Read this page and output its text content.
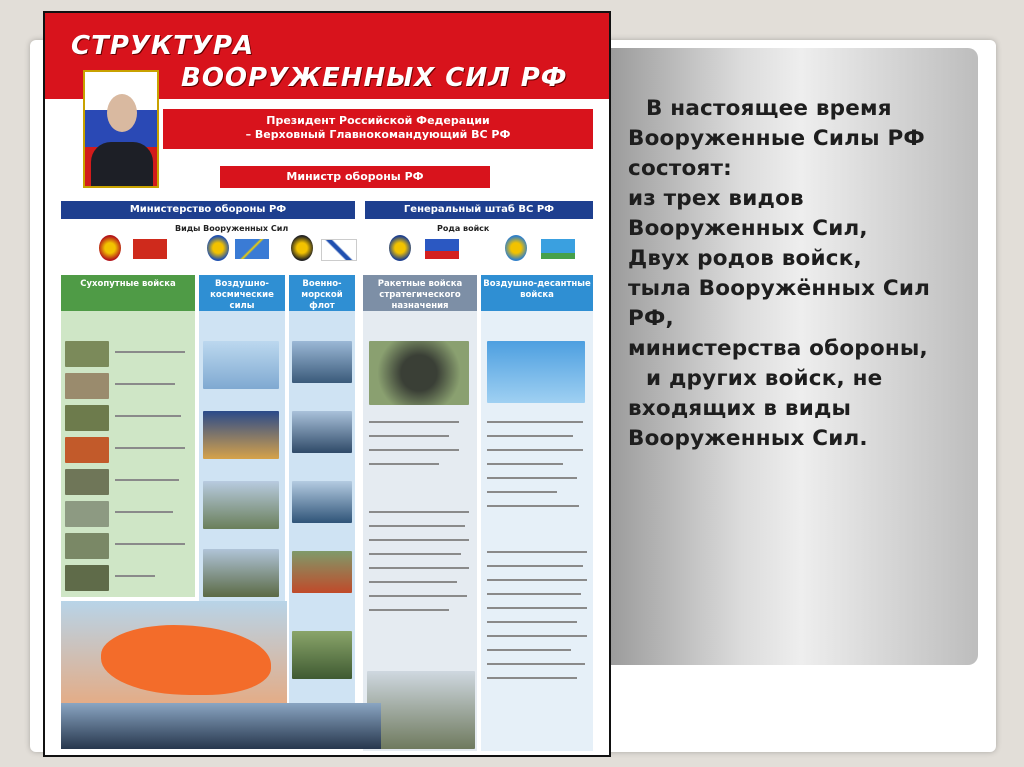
СТРУКТУРА
ВООРУЖЕННЫХ СИЛ РФ
Президент Российской Федерации
– Верховный Главнокомандующий ВС РФ
Министр обороны РФ
Министерство обороны РФ	Генеральный штаб ВС РФ
Виды Вооруженных Сил	Рода войск
Сухопутные войска	Воздушно-космические силы
Военно-морской флот
Ракетные войска стратегического назначения
Воздушно-десантные войска
В настоящее время
Вооруженные Силы РФ
состоят:
из трех видов
Вооруженных Сил,
Двух родов войск,
тыла Вооружённых Сил
РФ,
министерства обороны,
и других войск, не
входящих в виды
Вооруженных Сил.
